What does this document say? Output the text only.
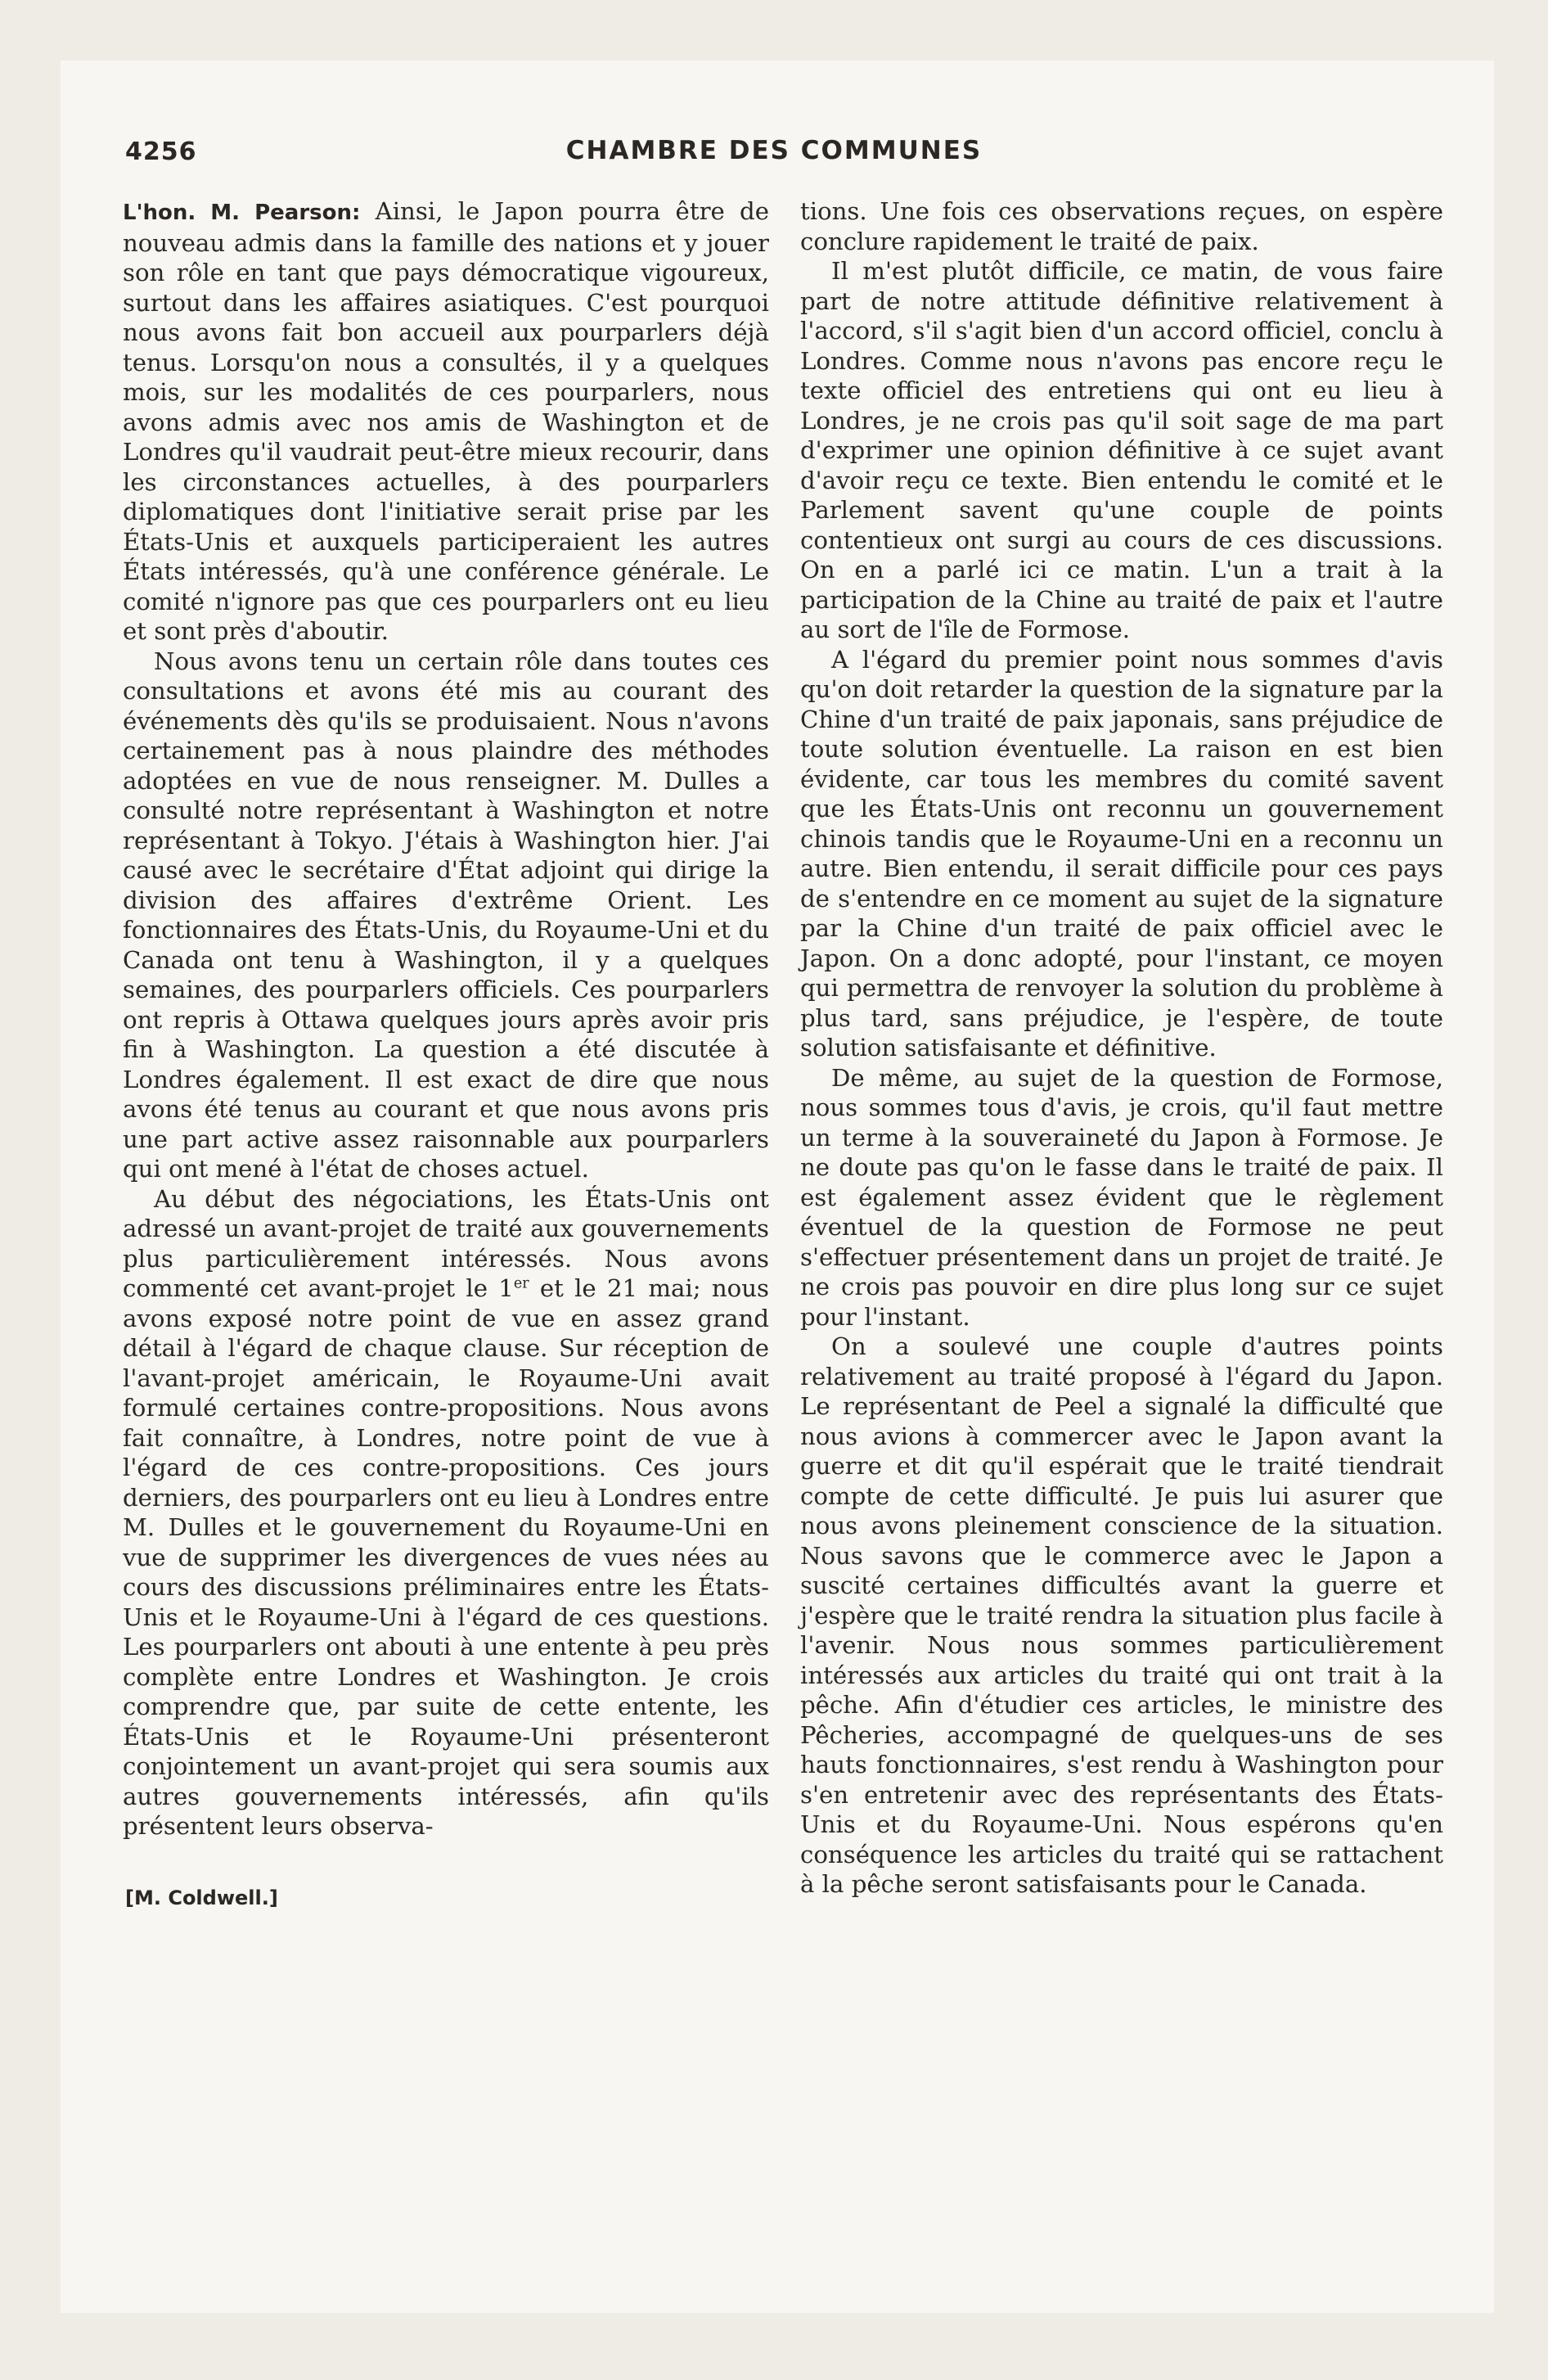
4256	CHAMBRE DES COMMUNES

L'hon. M. Pearson: Ainsi, le Japon pourra être de nouveau admis dans la famille des nations et y jouer son rôle en tant que pays démocratique vigoureux, surtout dans les affaires asiatiques. C'est pourquoi nous avons fait bon accueil aux pourparlers déjà tenus. Lorsqu'on nous a consultés, il y a quelques mois, sur les modalités de ces pourparlers, nous avons admis avec nos amis de Washington et de Londres qu'il vaudrait peut-être mieux recourir, dans les circonstances actuelles, à des pourparlers diplomatiques dont l'initiative serait prise par les États-Unis et auxquels participeraient les autres États intéressés, qu'à une conférence générale. Le comité n'ignore pas que ces pourparlers ont eu lieu et sont près d'aboutir.

Nous avons tenu un certain rôle dans toutes ces consultations et avons été mis au courant des événements dès qu'ils se produisaient. Nous n'avons certainement pas à nous plaindre des méthodes adoptées en vue de nous renseigner. M. Dulles a consulté notre représentant à Washington et notre représentant à Tokyo. J'étais à Washington hier. J'ai causé avec le secrétaire d'État adjoint qui dirige la division des affaires d'extrême Orient. Les fonctionnaires des États-Unis, du Royaume-Uni et du Canada ont tenu à Washington, il y a quelques semaines, des pourparlers officiels. Ces pourparlers ont repris à Ottawa quelques jours après avoir pris fin à Washington. La question a été discutée à Londres également. Il est exact de dire que nous avons été tenus au courant et que nous avons pris une part active assez raisonnable aux pourparlers qui ont mené à l'état de choses actuel.

Au début des négociations, les États-Unis ont adressé un avant-projet de traité aux gouvernements plus particulièrement intéressés. Nous avons commenté cet avant-projet le 1er et le 21 mai; nous avons exposé notre point de vue en assez grand détail à l'égard de chaque clause. Sur réception de l'avant-projet américain, le Royaume-Uni avait formulé certaines contre-propositions. Nous avons fait connaître, à Londres, notre point de vue à l'égard de ces contre-propositions. Ces jours derniers, des pourparlers ont eu lieu à Londres entre M. Dulles et le gouvernement du Royaume-Uni en vue de supprimer les divergences de vues nées au cours des discussions préliminaires entre les États-Unis et le Royaume-Uni à l'égard de ces questions. Les pourparlers ont abouti à une entente à peu près complète entre Londres et Washington. Je crois comprendre que, par suite de cette entente, les États-Unis et le Royaume-Uni présenteront conjointement un avant-projet qui sera soumis aux autres gouvernements intéressés, afin qu'ils présentent leurs observa-

tions. Une fois ces observations reçues, on espère conclure rapidement le traité de paix.

Il m'est plutôt difficile, ce matin, de vous faire part de notre attitude définitive relativement à l'accord, s'il s'agit bien d'un accord officiel, conclu à Londres. Comme nous n'avons pas encore reçu le texte officiel des entretiens qui ont eu lieu à Londres, je ne crois pas qu'il soit sage de ma part d'exprimer une opinion définitive à ce sujet avant d'avoir reçu ce texte. Bien entendu le comité et le Parlement savent qu'une couple de points contentieux ont surgi au cours de ces discussions. On en a parlé ici ce matin. L'un a trait à la participation de la Chine au traité de paix et l'autre au sort de l'île de Formose.

A l'égard du premier point nous sommes d'avis qu'on doit retarder la question de la signature par la Chine d'un traité de paix japonais, sans préjudice de toute solution éventuelle. La raison en est bien évidente, car tous les membres du comité savent que les États-Unis ont reconnu un gouvernement chinois tandis que le Royaume-Uni en a reconnu un autre. Bien entendu, il serait difficile pour ces pays de s'entendre en ce moment au sujet de la signature par la Chine d'un traité de paix officiel avec le Japon. On a donc adopté, pour l'instant, ce moyen qui permettra de renvoyer la solution du problème à plus tard, sans préjudice, je l'espère, de toute solution satisfaisante et définitive.

De même, au sujet de la question de Formose, nous sommes tous d'avis, je crois, qu'il faut mettre un terme à la souveraineté du Japon à Formose. Je ne doute pas qu'on le fasse dans le traité de paix. Il est également assez évident que le règlement éventuel de la question de Formose ne peut s'effectuer présentement dans un projet de traité. Je ne crois pas pouvoir en dire plus long sur ce sujet pour l'instant.

On a soulevé une couple d'autres points relativement au traité proposé à l'égard du Japon. Le représentant de Peel a signalé la difficulté que nous avions à commercer avec le Japon avant la guerre et dit qu'il espérait que le traité tiendrait compte de cette difficulté. Je puis lui asurer que nous avons pleinement conscience de la situation. Nous savons que le commerce avec le Japon a suscité certaines difficultés avant la guerre et j'espère que le traité rendra la situation plus facile à l'avenir. Nous nous sommes particulièrement intéressés aux articles du traité qui ont trait à la pêche. Afin d'étudier ces articles, le ministre des Pêcheries, accompagné de quelques-uns de ses hauts fonctionnaires, s'est rendu à Washington pour s'en entretenir avec des représentants des États-Unis et du Royaume-Uni. Nous espérons qu'en conséquence les articles du traité qui se rattachent à la pêche seront satisfaisants pour le Canada.

[M. Coldwell.]
